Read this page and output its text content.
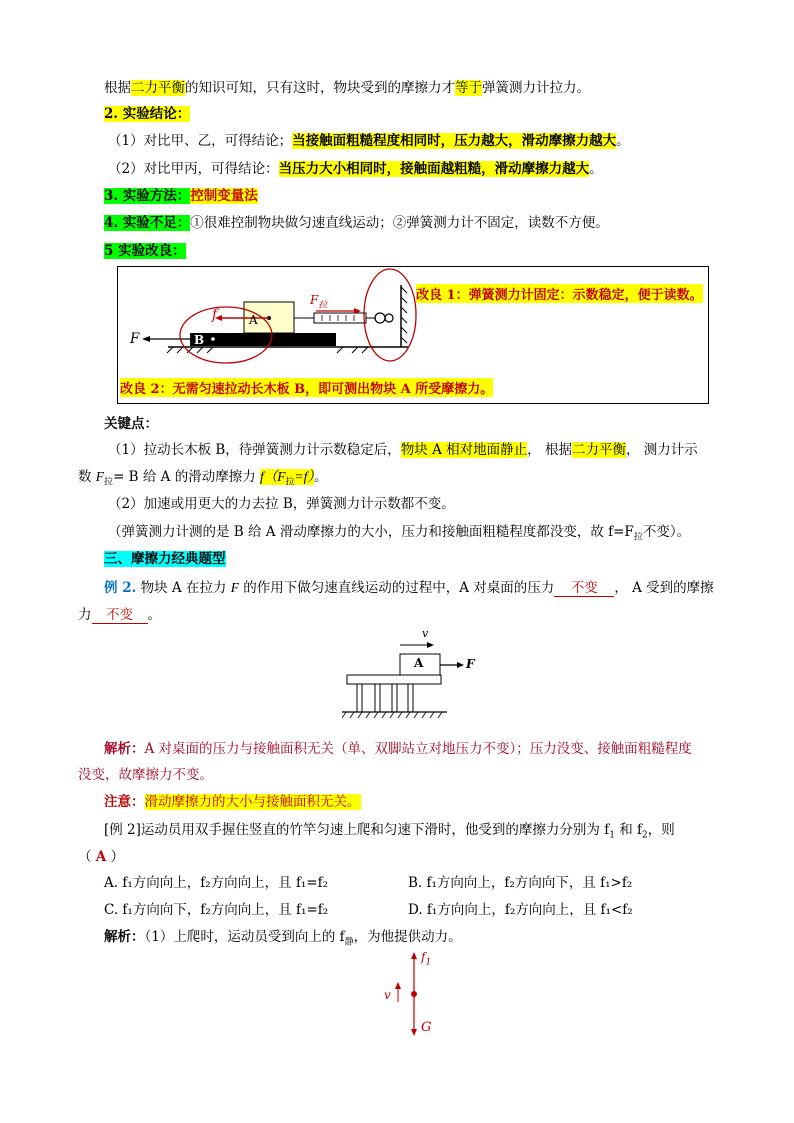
根据二力平衡的知识可知，只有这时，物块受到的摩擦力才等于弹簧测力计拉力。
2. 实验结论：
（1）对比甲、乙，可得结论；当接触面粗糙程度相同时，压力越大，滑动摩擦力越大。
（2）对比甲丙，可得结论：当压力大小相同时，接触面越粗糙，滑动摩擦力越大。
3. 实验方法：控制变量法
4. 实验不足：①很难控制物块做匀速直线运动；②弹簧测力计不固定，读数不方便。
5 实验改良：
F	B
A
f
$F_拉$
改良 1：弹簧测力计固定：示数稳定，便于读数。
改良 2：无需匀速拉动长木板 B，即可测出物块 A 所受摩擦力。
关键点：
（1）拉动长木板 B，待弹簧测力计示数稳定后，物块 A 相对地面静止， 根据二力平衡， 测力计示
数 $F_拉= B$ 给 A 的滑动摩擦力 $f(F_拉=f)$。
（2）加速或用更大的力去拉 B，弹簧测力计示数都不变。
（弹簧测力计测的是 B 给 A 滑动摩擦力的大小，压力和接触面粗糙程度都没变，故 $f=F_拉$不变）。
三、摩擦力经典题型
例 2. 物块 A 在拉力 F 的作用下做匀速直线运动的过程中，A 对桌面的压力 不变 ， A 受到的摩擦
力 不变 。
v
A	F
解析：A 对桌面的压力与接触面积无关（单、双脚站立对地压力不变）；压力没变、接触面粗糙程度
没变，故摩擦力不变。
注意：滑动摩擦力的大小与接触面积无关。
[例 2]运动员用双手握住竖直的竹竿匀速上爬和匀速下滑时，他受到的摩擦力分别为 $f_1$ 和 $f_2$，则
（ A ）
A. f₁方向向上，f₂方向向上，且 f₁=f₂	B. f₁方向向上，f₂方向向下，且 f₁>f₂
C. f₁方向向下，f₂方向向上，且 f₁=f₂	D. f₁方向向上，f₂方向向上，且 f₁<f₂
解析：（1）上爬时，运动员受到向上的 $f_静$，为他提供动力。
$f_1$
v
G
